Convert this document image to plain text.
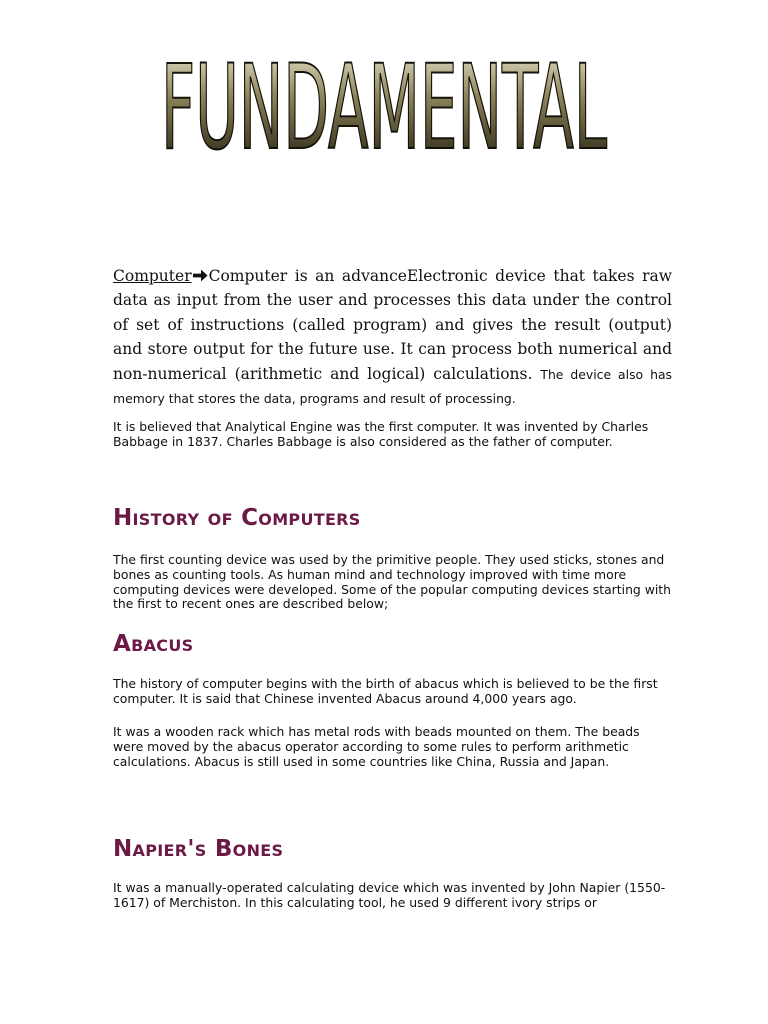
FUNDAMENTAL

Computer Computer is an advanceElectronic device that takes raw data as input from the user and processes this data under the control of set of instructions (called program) and gives the result (output) and store output for the future use. It can process both numerical and non-numerical (arithmetic and logical) calculations. The device also has memory that stores the data, programs and result of processing.

It is believed that Analytical Engine was the first computer. It was invented by Charles Babbage in 1837. Charles Babbage is also considered as the father of computer.

History of Computers

The first counting device was used by the primitive people. They used sticks, stones and bones as counting tools. As human mind and technology improved with time more computing devices were developed. Some of the popular computing devices starting with the first to recent ones are described below;

Abacus

The history of computer begins with the birth of abacus which is believed to be the first computer. It is said that Chinese invented Abacus around 4,000 years ago.

It was a wooden rack which has metal rods with beads mounted on them. The beads were moved by the abacus operator according to some rules to perform arithmetic calculations. Abacus is still used in some countries like China, Russia and Japan.

Napier's Bones

It was a manually-operated calculating device which was invented by John Napier (1550-1617) of Merchiston. In this calculating tool, he used 9 different ivory strips or
